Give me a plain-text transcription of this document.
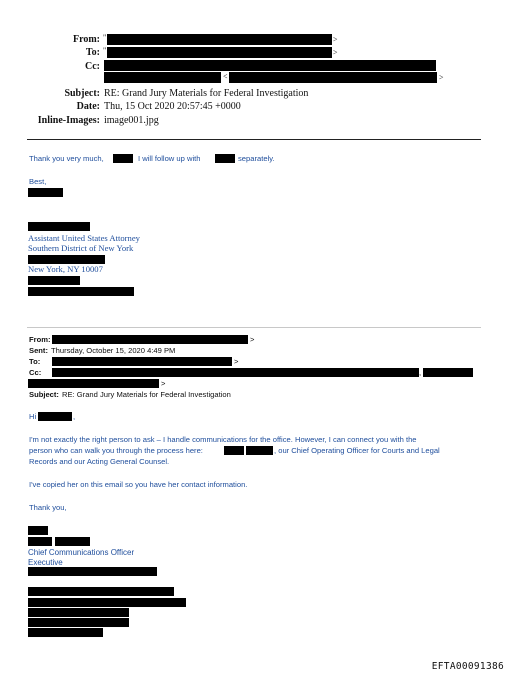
From: "	>
To: "	>
Cc:
<	>
Subject: RE: Grand Jury Materials for Federal Investigation
Date: Thu, 15 Oct 2020 20:57:45 +0000
Inline-Images: image001.jpg
Thank you very much,	I will follow up with	separately.
Best,
Assistant United States Attorney
Southern District of New York
New York, NY 10007
From:	>
Sent: Thursday, October 15, 2020 4:49 PM
To:	>
Cc:	,
>
Subject: RE: Grand Jury Materials for Federal Investigation
Hi	,
I'm not exactly the right person to ask – I handle communications for the office. However, I can connect you with the
person who can walk you through the process here:	, our Chief Operating Officer for Courts and Legal
Records and our Acting General Counsel.
I've copied her on this email so you have her contact information.
Thank you,
Chief Communications Officer
Executive
EFTA00091386
